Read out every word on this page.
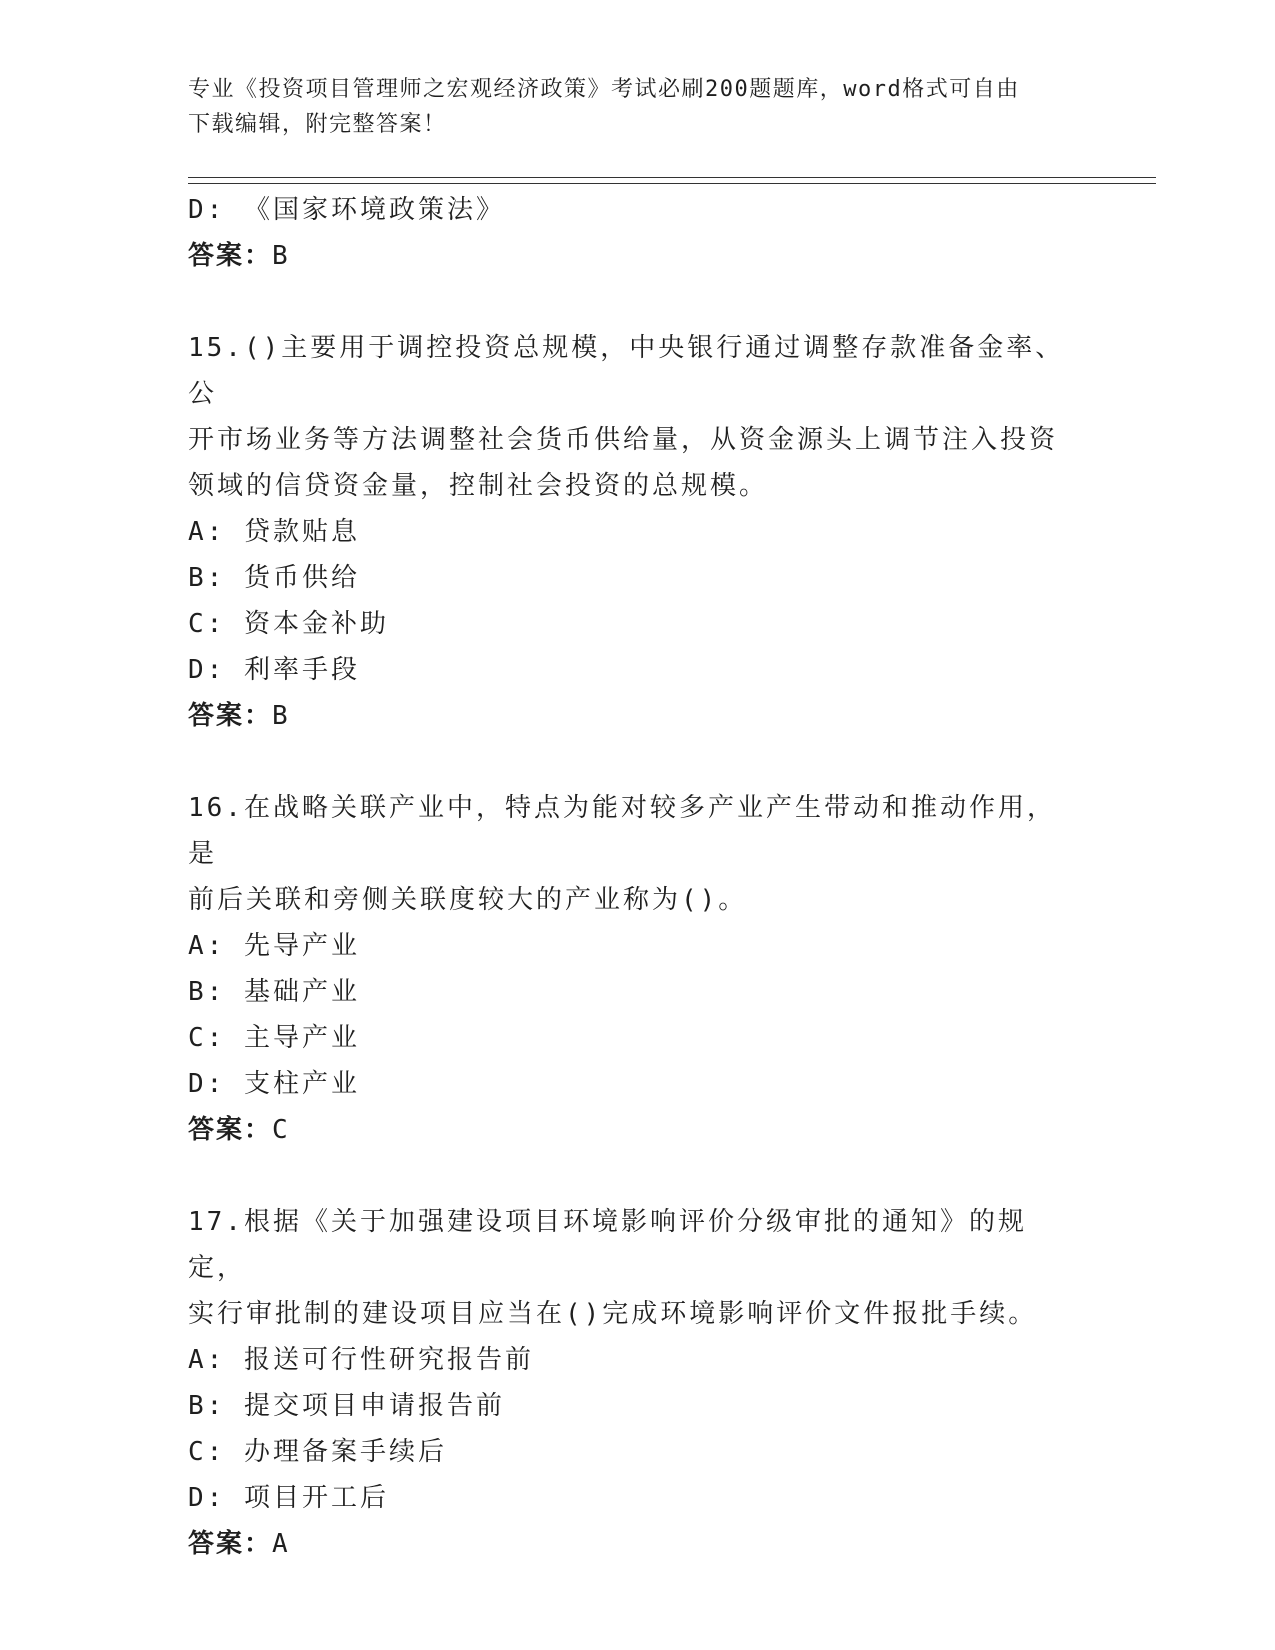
专业《投资项目管理师之宏观经济政策》考试必刷200题题库，word格式可自由
下载编辑，附完整答案！
D: 《国家环境政策法》
答案：B
15.()主要用于调控投资总规模，中央银行通过调整存款准备金率、公
开市场业务等方法调整社会货币供给量，从资金源头上调节注入投资
领域的信贷资金量，控制社会投资的总规模。
A: 贷款贴息
B: 货币供给
C: 资本金补助
D: 利率手段
答案：B
16.在战略关联产业中，特点为能对较多产业产生带动和推动作用，是
前后关联和旁侧关联度较大的产业称为()。
A: 先导产业
B: 基础产业
C: 主导产业
D: 支柱产业
答案：C
17.根据《关于加强建设项目环境影响评价分级审批的通知》的规定，
实行审批制的建设项目应当在()完成环境影响评价文件报批手续。
A: 报送可行性研究报告前
B: 提交项目申请报告前
C: 办理备案手续后
D: 项目开工后
答案：A
